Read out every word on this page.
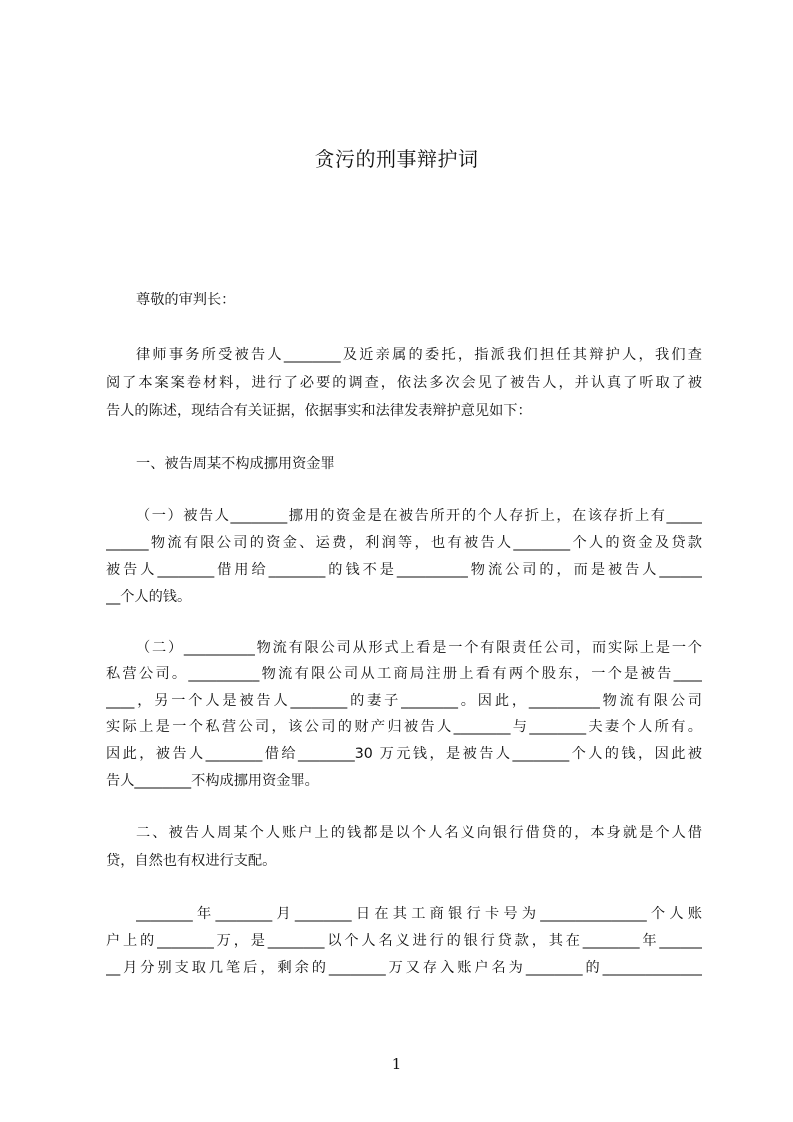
贪污的刑事辩护词
尊敬的审判长：
律师事务所受被告人________及近亲属的委托，指派我们担任其辩护人，我们查
阅了本案案卷材料，进行了必要的调查，依法多次会见了被告人，并认真了听取了被
告人的陈述，现结合有关证据，依据事实和法律发表辩护意见如下：
一、被告周某不构成挪用资金罪
（一）被告人________挪用的资金是在被告所开的个人存折上，在该存折上有_____
______物流有限公司的资金、运费，利润等，也有被告人________个人的资金及贷款
被告人________借用给________的钱不是__________物流公司的，而是被告人______
__个人的钱。
（二）__________物流有限公司从形式上看是一个有限责任公司，而实际上是一个
私营公司。__________物流有限公司从工商局注册上看有两个股东，一个是被告____
____，另一个人是被告人________的妻子________。因此，__________物流有限公司
实际上是一个私营公司，该公司的财产归被告人________与________夫妻个人所有。
因此，被告人________借给________30 万元钱，是被告人________个人的钱，因此被
告人________不构成挪用资金罪。
二、被告人周某个人账户上的钱都是以个人名义向银行借贷的，本身就是个人借
贷，自然也有权进行支配。
________年________月________日在其工商银行卡号为_______________个人账
户上的________万，是________以个人名义进行的银行贷款，其在________年______
__月分别支取几笔后，剩余的________万又存入账户名为________的______________
1
